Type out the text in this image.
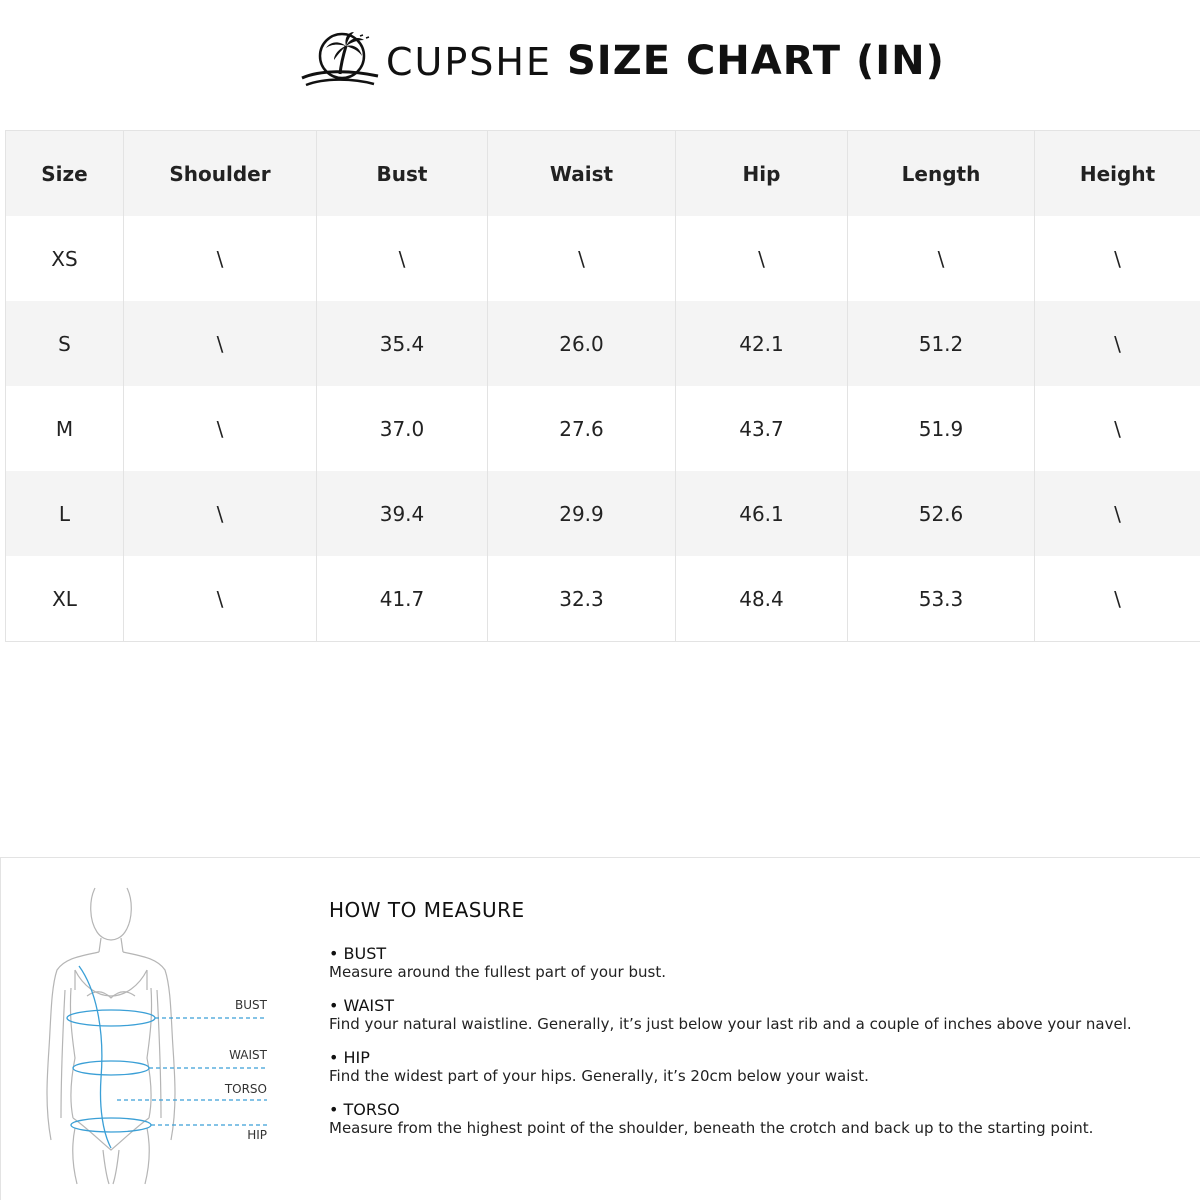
CUPSHE SIZE CHART (IN)
Size	Shoulder	Bust	Waist	Hip	Length	Height
XS	\	\	\	\	\	\
S	\	35.4	26.0	42.1	51.2	\
M	\	37.0	27.6	43.7	51.9	\
L	\	39.4	29.9	46.1	52.6	\
XL	\	41.7	32.3	48.4	53.3	\
BUST
WAIST
TORSO
HIP
HOW TO MEASURE
• BUST
Measure around the fullest part of your bust.
• WAIST
Find your natural waistline. Generally, it’s just below your last rib and a couple of inches above your navel.
• HIP
Find the widest part of your hips. Generally, it’s 20cm below your waist.
• TORSO
Measure from the highest point of the shoulder, beneath the crotch and back up to the starting point.
